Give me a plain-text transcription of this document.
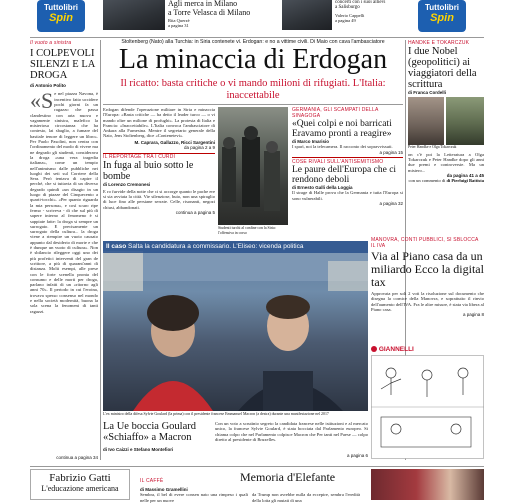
Tuttolibri
Spin
Agli merca in Milano
a Torre Velasca di Milano
Rita Querzè
a pagina 31
concerti con i suoi allievi
a Salisburgo
Valerio Cappelli
a pagina 49
Tuttolibri
Spin
Il vuoto a sinistra
I COLPEVOLI SILENZI E LA DROGA
di Antonio Polito
«S e nel piazza Navona, è incentivo fatto uccidere pochi giorni fa un ragazzo che passa clandestino con aria nuova e vagamente sinistra, malefico la misteriosa circostanza che ha contesto, lai sbaglio, a fumare del bastiale tenore di leggere un libro». Per Paolo Pasolini, non centra con l'ordinamento del modo di vivere ma ne degrado gli studenti, considerava la droga «una vera tragedia italiana», come un tempio nell'animismo dalle pubbliche nei luoghi dei seti sul Corriere della Sera. Però tentava di capire il perché, che si tuttavia di un diverso degrado quindi «un disagio in un luogo di piazze del Cinquecento a quarti-tocchi». «Per quanto riguarda la mia persona», e così scuro ripe fermo - scriveva - di che sul più di sapere interno al fenomeno è si sappiate fatte: la droga si sempre un surrogato. E precisamente un surrogato della cultura... la droga viene a riempire un vuoto causato appunto dal desiderio di morte e che è dunque un vuoto di cultura». Non è sbilancio rileggere oggi uno dei più profetici interventi del gran de scrittore, a più di quarant'anni di distanza. Molti esempi, alle prese con le forte scenella pronta del consumo e delle morti per droga, parlano infatti di un «ritorno agli anni 70». Il periodo in cui l'eroina, trovava spesso consenso nel mondo e nella società modernità, buona la sola scena la fenomeni di tanti ragazzi.
continua a pagina 34
Stoltenberg (Nato) alla Turchia: in Siria contenete vi. Erdogan: e no a vittime civili. Di Maio con cava l'ambasciatore
La minaccia di Erdogan
Il ricatto: basta critiche o vi mando milioni di rifugiati. L'Italia: inaccettabile
Erdogan difende l'operazione militare in Siria e minaccia l'Europa: «Basta critiche — ha detto il leader turco — o vi mando oltre un milione di profughi». La protesta di Italia e Francia: «Inaccettabile». L'Italia convoca l'ambasciatore di Ankara alla Farnesina. Mentre il segretario generale della Nato, Jens Stoltenberg, dice «Contenetevi».
M. Caprara, Gallazzo, Ricci Sargentini
da pagina 2 a 9
IL REPORTAGE TRA I CURDI
In fuga al buio sotto le bombe
di Lorenzo Cremonesi
E ro furvide della notte che ci si accorge quanto le pache ere si sia avviata la città. Vie silenziose, buio, non una spiraglio di luce fino alle persiane serrate. Celle, risonanti, negozi chiusi, abbandonati.
continua a pagina 5
Studenti turchi al confine con la Siria: l'offensiva in corso
GERMANIA, GLI SCAMPATI DELLA SINAGOGA
«Quei colpi e noi barricati Eravamo pronti a reagire»
di Marco Imarisio
I sparì, noi la telecamera. Il racconto dei sopravvissuti.
a pagina 15
COSE RIVALI SULL'ANTISEMITISMO
Le paure dell'Europa che ci rendono deboli
di Ernesto Galli della Loggia
Il strage di Halle prova che la Germania e tutta l'Europa si sono vulnerabili.
a pagina 32
HANDKE E TOKARCZUK
I due Nobel (geopolitici) ai viaggiatori della scrittura
di Franca Cordelli
Peter Handke e Olga Tokarczuk
on c'è poi la Letteratura a Olga Tokarczuk e Peter Handke dopo gli anni due premi e controversie. Ma un mistero...
da pagina 41 a 45
con un commento di di Pierluigi Battista
Il caso Salta la candidatura a commissario. L'Eliseo: vicenda politica
L'ex ministro della difesa Sylvie Goulard (la prima) con il presidente francese Emmanuel Macron (a destra) durante una manifestazione nel 2017
La Ue boccia Goulard «Schiaffo» a Macron
di Ivo Caizzi e Stefano Montefiori
Con un voto a scrutinio segreto la candidata francese nelle istituzioni e al mercato unico, la francese Sylvie Goulard, è stata bocciata dal Parlamento europeo. Si chiama colpo che nel Parlamento colpisce Macron che Per tanti nel Paese — colpo diretto al presidente di Bruxelles.
a pagina 6
MANOVRA, CONTI PUBBLICI, SI SBLOCCA IL IVA
Via al Piano casa da un miliardo Ecco la digital tax
Approvata per soli 2 voti la risoluzione sul documento che disegna la cornice della Manovra, e soprattutto il rinvio dell'aumento dell'IVA. Fra le altre misure, è stata via libera al Piano casa.
a pagina 8
GIANNELLI
Fabrizio Gatti
L'educazione americana
IL CAFFÈ	Memoria d'Elefante
di Massimo Gramellini
Sembra, il bel di evere consen nato una rimpeso i quali nelle per un nuove
da Trump non avrebbe nulla da eccepire, sembra l'eredità della lotta gli mutati di una
